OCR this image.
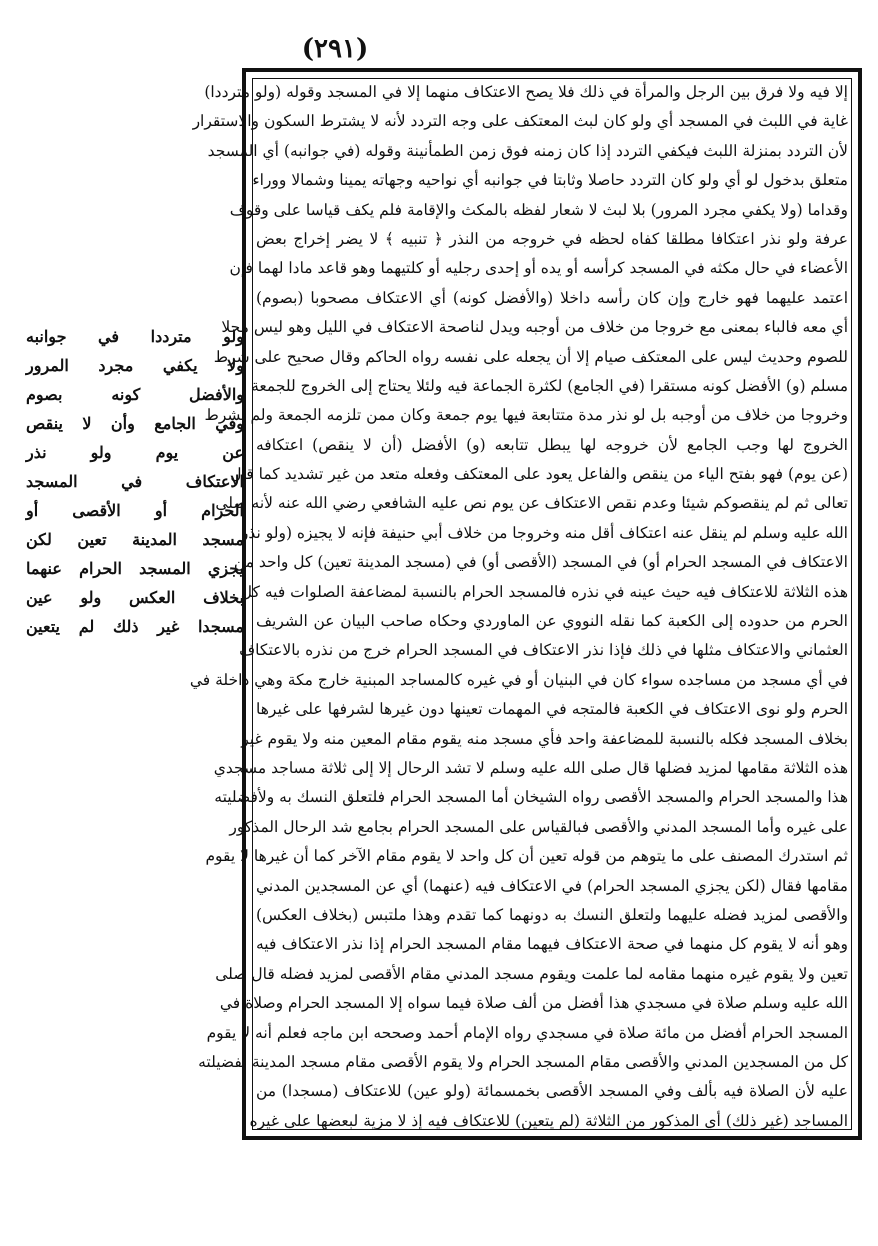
(٢٩١)
إلا فيه ولا فرق بين الرجل والمرأة في ذلك فلا يصح الاعتكاف منهما إلا في المسجد وقوله (ولو مترددا)
غاية في اللبث في المسجد أي ولو كان لبث المعتكف على وجه التردد لأنه لا يشترط السكون والاستقرار
لأن التردد بمنزلة اللبث فيكفي التردد إذا كان زمنه فوق زمن الطمأنينة وقوله (في جوانبه) أي المسجد
متعلق بدخول لو أي ولو كان التردد حاصلا وثابتا في جوانبه أي نواحيه وجهاته يمينا وشمالا ووراء
وقداما (ولا يكفي مجرد المرور) بلا لبث لا شعار لفظه بالمكث والإقامة فلم يكف قياسا على وقوف
عرفة ولو نذر اعتكافا مطلقا كفاه لحظه في خروجه من النذر ﴿ تنبيه ﴾ لا يضر إخراج بعض
الأعضاء في حال مكثه في المسجد كرأسه أو يده أو إحدى رجليه أو كلتيهما وهو قاعد مادا لهما فإن
اعتمد عليهما فهو خارج وإن كان رأسه داخلا (والأفضل كونه) أي الاعتكاف مصحوبا (بصوم)
أي معه فالباء بمعنى مع خروجا من خلاف من أوجبه ويدل لناصحة الاعتكاف في الليل وهو ليس محلا
للصوم وحديث ليس على المعتكف صيام إلا أن يجعله على نفسه رواه الحاكم وقال صحيح على شرط
مسلم (و) الأفضل كونه مستقرا (في الجامع) لكثرة الجماعة فيه ولئلا يحتاج إلى الخروج للجمعة
وخروجا من خلاف من أوجبه بل لو نذر مدة متتابعة فيها يوم جمعة وكان ممن تلزمه الجمعة ولم يشرط
الخروج لها وجب الجامع لأن خروجه لها يبطل تتابعه (و) الأفضل (أن لا ينقص) اعتكافه
(عن يوم) فهو بفتح الياء من ينقص والفاعل يعود على المعتكف وفعله متعد من غير تشديد كما قال
تعالى ثم لم ينقصوكم شيئا وعدم نقص الاعتكاف عن يوم نص عليه الشافعي رضي الله عنه لأنه صلى
الله عليه وسلم لم ينقل عنه اعتكاف أقل منه وخروجا من خلاف أبي حنيفة فإنه لا يجيزه (ولو نذر
الاعتكاف في المسجد الحرام أو) في المسجد (الأقصى أو) في (مسجد المدينة تعين) كل واحد من
هذه الثلاثة للاعتكاف فيه حيث عينه في نذره فالمسجد الحرام بالنسبة لمضاعفة الصلوات فيه كل
الحرم من حدوده إلى الكعبة كما نقله النووي عن الماوردي وحكاه صاحب البيان عن الشريف
العثماني والاعتكاف مثلها في ذلك فإذا نذر الاعتكاف في المسجد الحرام خرج من نذره بالاعتكاف
في أي مسجد من مساجده سواء كان في البنيان أو في غيره كالمساجد المبنية خارج مكة وهي داخلة في
الحرم ولو نوى الاعتكاف في الكعبة فالمتجه في المهمات تعينها دون غيرها لشرفها على غيرها
بخلاف المسجد فكله بالنسبة للمضاعفة واحد فأي مسجد منه يقوم مقام المعين منه ولا يقوم غير
هذه الثلاثة مقامها لمزيد فضلها قال صلى الله عليه وسلم لا تشد الرحال إلا إلى ثلاثة مساجد مسجدي
هذا والمسجد الحرام والمسجد الأقصى رواه الشيخان أما المسجد الحرام فلتعلق النسك به ولأفضليته
على غيره وأما المسجد المدني والأقصى فبالقياس على المسجد الحرام بجامع شد الرحال المذكور
ثم استدرك المصنف على ما يتوهم من قوله تعين أن كل واحد لا يقوم مقام الآخر كما أن غيرها لا يقوم
مقامها فقال (لكن يجزي المسجد الحرام) في الاعتكاف فيه (عنهما) أي عن المسجدين المدني
والأقصى لمزيد فضله عليهما ولتعلق النسك به دونهما كما تقدم وهذا ملتبس (بخلاف العكس)
وهو أنه لا يقوم كل منهما في صحة الاعتكاف فيهما مقام المسجد الحرام إذا نذر الاعتكاف فيه
تعين ولا يقوم غيره منهما مقامه لما علمت ويقوم مسجد المدني مقام الأقصى لمزيد فضله قال صلى
الله عليه وسلم صلاة في مسجدي هذا أفضل من ألف صلاة فيما سواه إلا المسجد الحرام وصلاة في
المسجد الحرام أفضل من مائة صلاة في مسجدي رواه الإمام أحمد وصححه ابن ماجه فعلم أنه لا يقوم
كل من المسجدين المدني والأقصى مقام المسجد الحرام ولا يقوم الأقصى مقام مسجد المدينة لفضيلته
عليه لأن الصلاة فيه بألف وفي المسجد الأقصى بخمسمائة (ولو عين) للاعتكاف (مسجدا) من
المساجد (غير ذلك) أي المذكور من الثلاثة (لم يتعين) للاعتكاف فيه إذ لا مزية لبعضها على غيره
ولو مترددا في جوانبه
ولا يكفي مجرد المرور
والأفضل كونه بصوم
وفي الجامع وأن لا ينقص
عن يوم ولو نذر
الاعتكاف في المسجد
الحرام أو الأقصى أو
مسجد المدينة تعين لكن
يجزي المسجد الحرام عنهما
بخلاف العكس ولو عين
مسجدا غير ذلك لم يتعين
